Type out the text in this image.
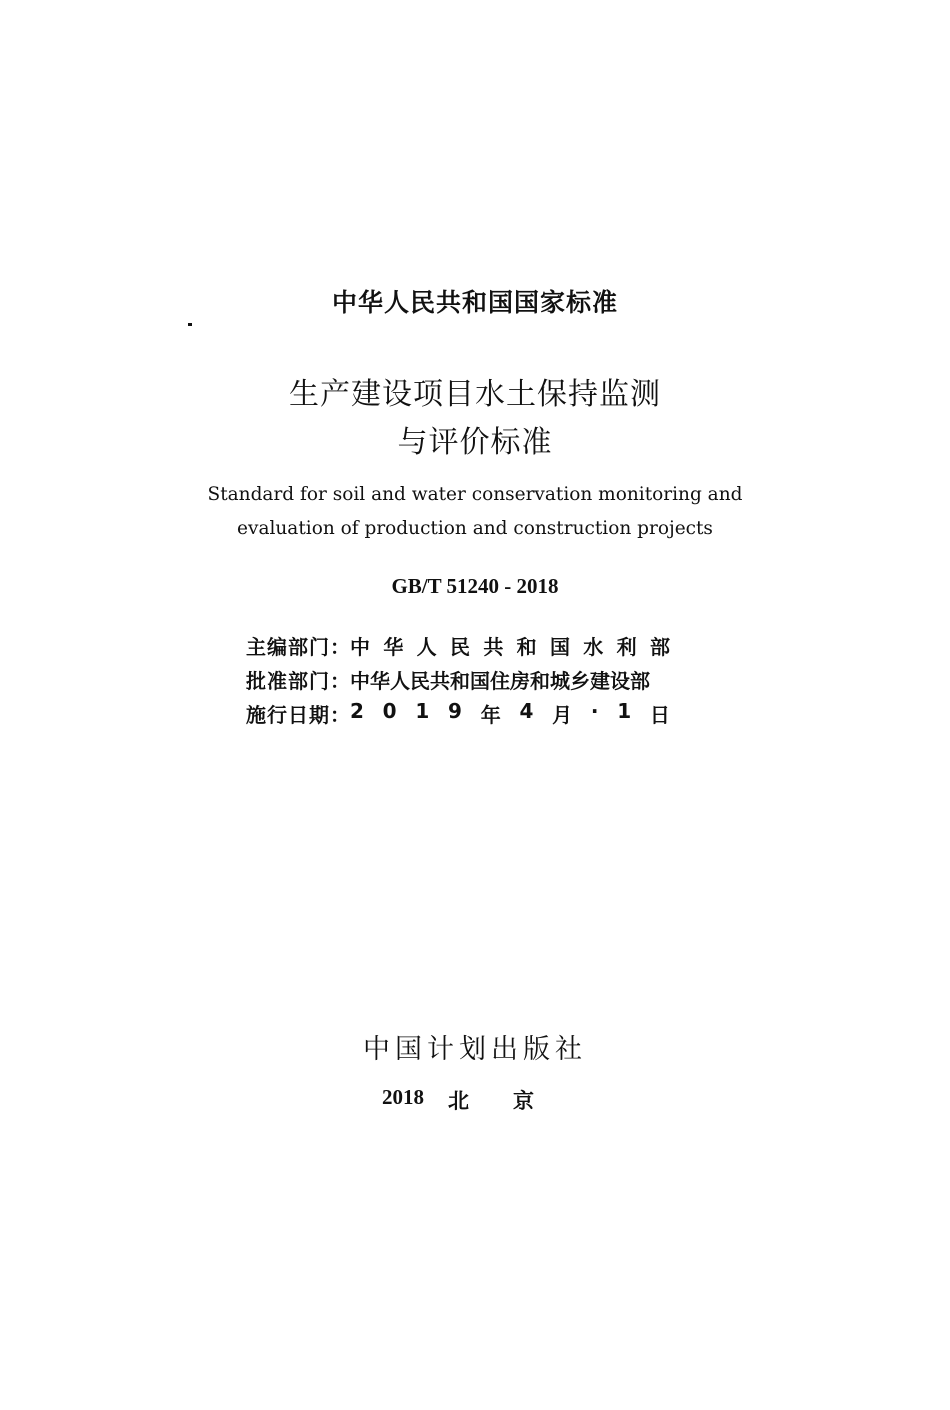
中华人民共和国国家标准
生产建设项目水土保持监测
与评价标准
Standard for soil and water conservation monitoring and
evaluation of production and construction projects
GB/T 51240 - 2018
主编部门： 中 华 人 民 共 和 国 水 利 部
批准部门： 中华人民共和国住房和城乡建设部
施行日期： 2 0 1 9 年 4 月 · 1 日
中国计划出版社
2018 北 京
